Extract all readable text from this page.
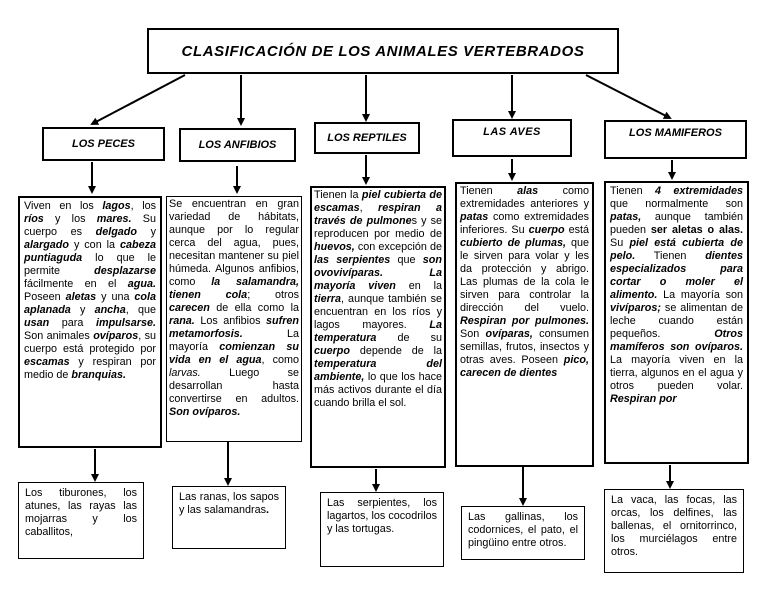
CLASIFICACIÓN DE LOS ANIMALES VERTEBRADOS
LOS PECES	LOS ANFIBIOS
LOS REPTILES	LAS AVES	LOS MAMIFEROS
Viven en los lagos, los ríos y los mares. Su cuerpo es delgado y alargado y con la cabeza puntiaguda lo que le permite desplazarse fácilmente en el agua. Poseen aletas y una cola aplanada y ancha, que usan para impulsarse. Son animales ovíparos, su cuerpo está protegido por escamas y respiran por medio de branquias.
Se encuentran en gran variedad de hábitats, aunque por lo regular cerca del agua, pues, necesitan mantener su piel húmeda. Algunos anfibios, como la salamandra, tienen cola; otros carecen de ella como la rana. Los anfibios sufren metamorfosis. La mayoría comienzan su vida en el agua, como larvas. Luego se desarrollan hasta convertirse en adultos. Son ovíparos.
Tienen la piel cubierta de escamas, respiran a través de pulmones y se reproducen por medio de huevos, con excepción de las serpientes que son ovovivíparas.	La mayoría viven en la tierra, aunque también se encuentran en los ríos y lagos mayores. La temperatura de su cuerpo depende de la temperatura del ambiente, lo que los hace más activos durante el día cuando brilla el sol.
Tienen alas como extremidades anteriores y patas como extremidades inferiores. Su cuerpo está cubierto de plumas, que le sirven para volar y les da protección y abrigo. Las plumas de la cola le sirven para controlar la dirección del vuelo. Respiran por pulmones. Son ovíparas, consumen semillas, frutos, insectos y otras aves. Poseen pico, carecen de dientes
Tienen 4 extremidades que normalmente son patas, aunque también pueden ser aletas o alas. Su piel está cubierta de pelo. Tienen dientes especializados para cortar o moler el alimento. La mayoría son vivíparos; se alimentan de leche cuando están pequeños. Otros mamíferos son ovíparos. La mayoría viven en la tierra, algunos en el agua y otros pueden volar. Respiran por
Los tiburones, los atunes, las rayas las mojarras y los caballitos,
Las ranas, los sapos y las salamandras.
Las serpientes, los lagartos, los cocodrilos y las tortugas.
Las gallinas, los codornices, el pato, el pingüino entre otros.
La vaca, las focas, las orcas, los delfines, las ballenas, el ornitorrinco, los murciélagos entre otros.
